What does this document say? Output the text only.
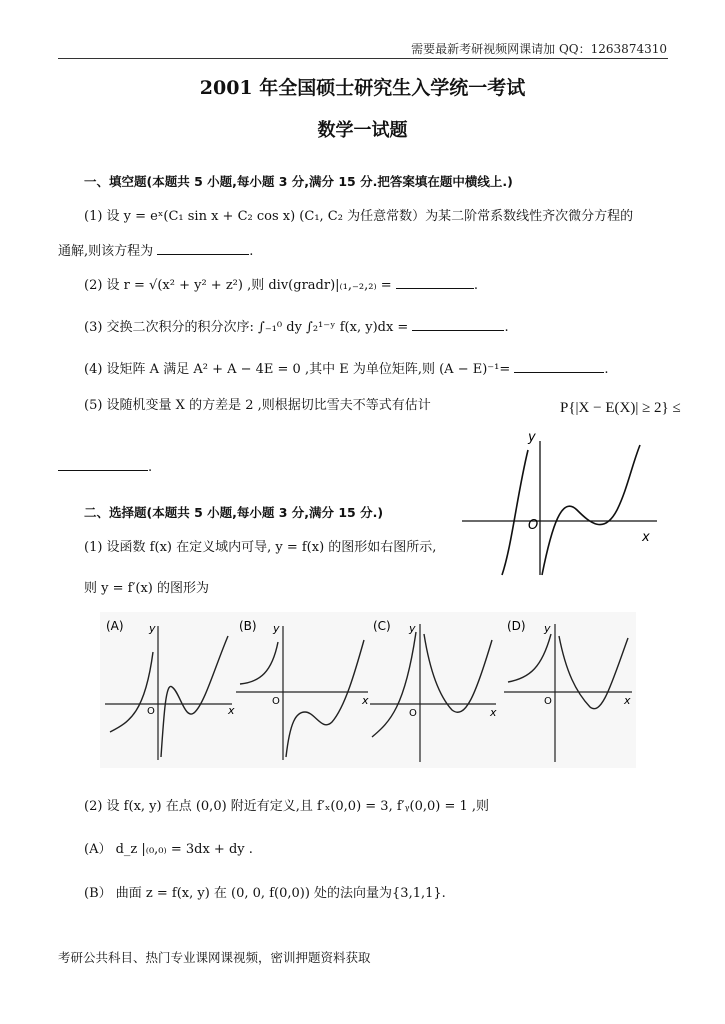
需要最新考研视频网课请加 QQ：1263874310
2001 年全国硕士研究生入学统一考试
数学一试题
一、填空题(本题共 5 小题,每小题 3 分,满分 15 分.把答案填在题中横线上.)
(1) 设 y = eˣ(C₁ sin x + C₂ cos x) (C₁, C₂ 为任意常数）为某二阶常系数线性齐次微分方程的
通解,则该方程为	.
(2) 设 r = √(x² + y² + z²) ,则 div(gradr)|₍₁,₋₂,₂₎ =	.
(3) 交换二次积分的积分次序: ∫₋₁⁰ dy ∫₂¹⁻ʸ f(x, y)dx =	.
(4) 设矩阵 A 满足 A² + A − 4E = 0 ,其中 E 为单位矩阵,则 (A − E)⁻¹=	.
(5) 设随机变量 X 的方差是 2 ,则根据切比雪夫不等式有估计	P{|X − E(X)| ≥ 2} ≤
.
y
O
x
二、选择题(本题共 5 小题,每小题 3 分,满分 15 分.)
(1) 设函数 f(x) 在定义域内可导, y = f(x) 的图形如右图所示,
则 y = f′(x) 的图形为
(A) y
O	x
(B) y
O	x
(C) y
O	x
(D) y
O	x
(2) 设 f(x, y) 在点 (0,0) 附近有定义,且 f′ₓ(0,0) = 3, f′ᵧ(0,0) = 1 ,则
(A） d_z |₍₀,₀₎ = 3dx + dy .
(B） 曲面 z = f(x, y) 在 (0, 0, f(0,0)) 处的法向量为{3,1,1}.
考研公共科目、热门专业课网课视频，密训押题资料获取
